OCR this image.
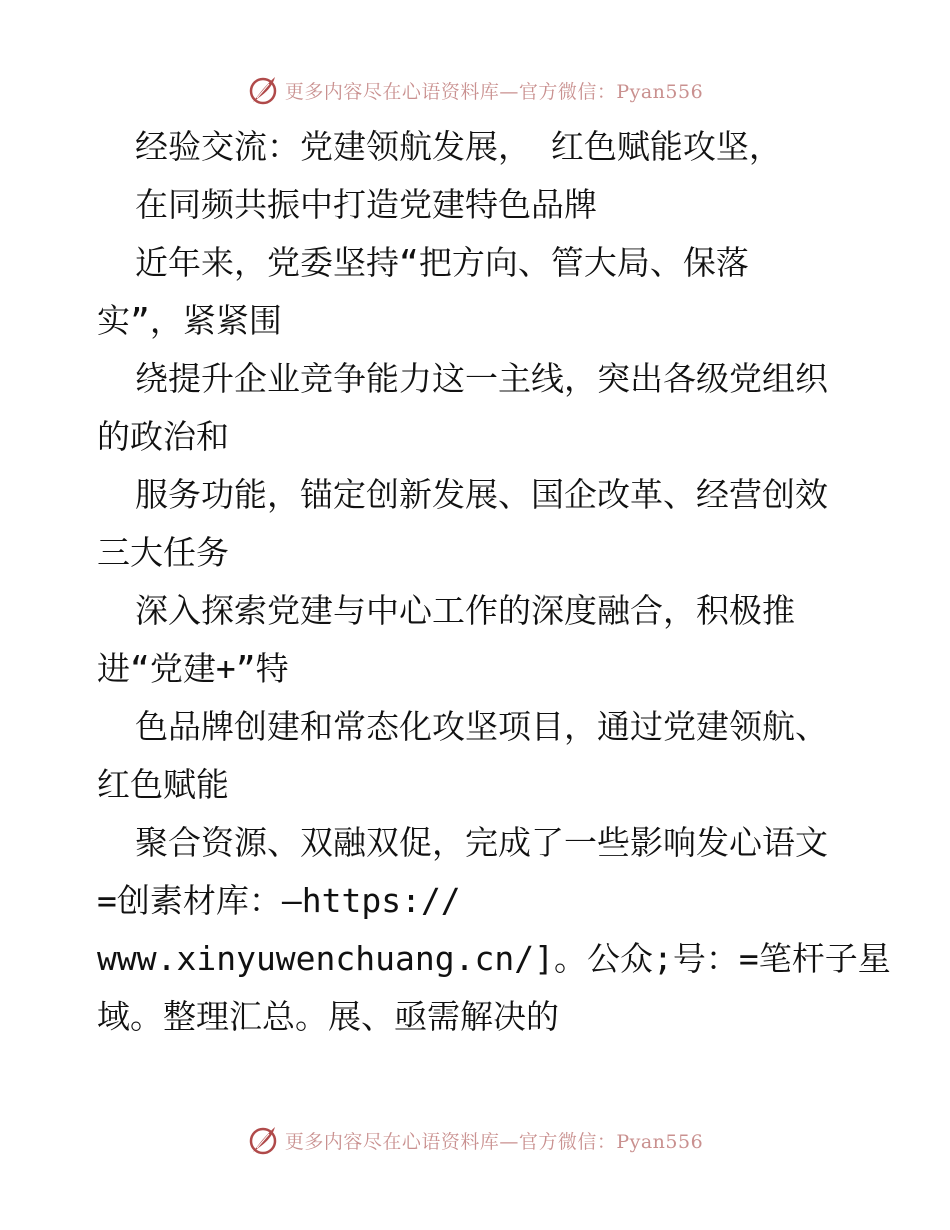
更多内容尽在心语资料库—官方微信：Pyan556
经验交流：党建领航发展， 红色赋能攻坚，
在同频共振中打造党建特色品牌
近年来，党委坚持“把方向、管大局、保落
实”，紧紧围
绕提升企业竞争能力这一主线，突出各级党组织
的政治和
服务功能，锚定创新发展、国企改革、经营创效
三大任务
深入探索党建与中心工作的深度融合，积极推
进“党建+”特
色品牌创建和常态化攻坚项目，通过党建领航、
红色赋能
聚合资源、双融双促，完成了一些影响发心语文
=创素材库：—https://
www.xinyuwenchuang.cn/]。公众;号：=笔杆子星
域。整理汇总。展、亟需解决的
更多内容尽在心语资料库—官方微信：Pyan556
